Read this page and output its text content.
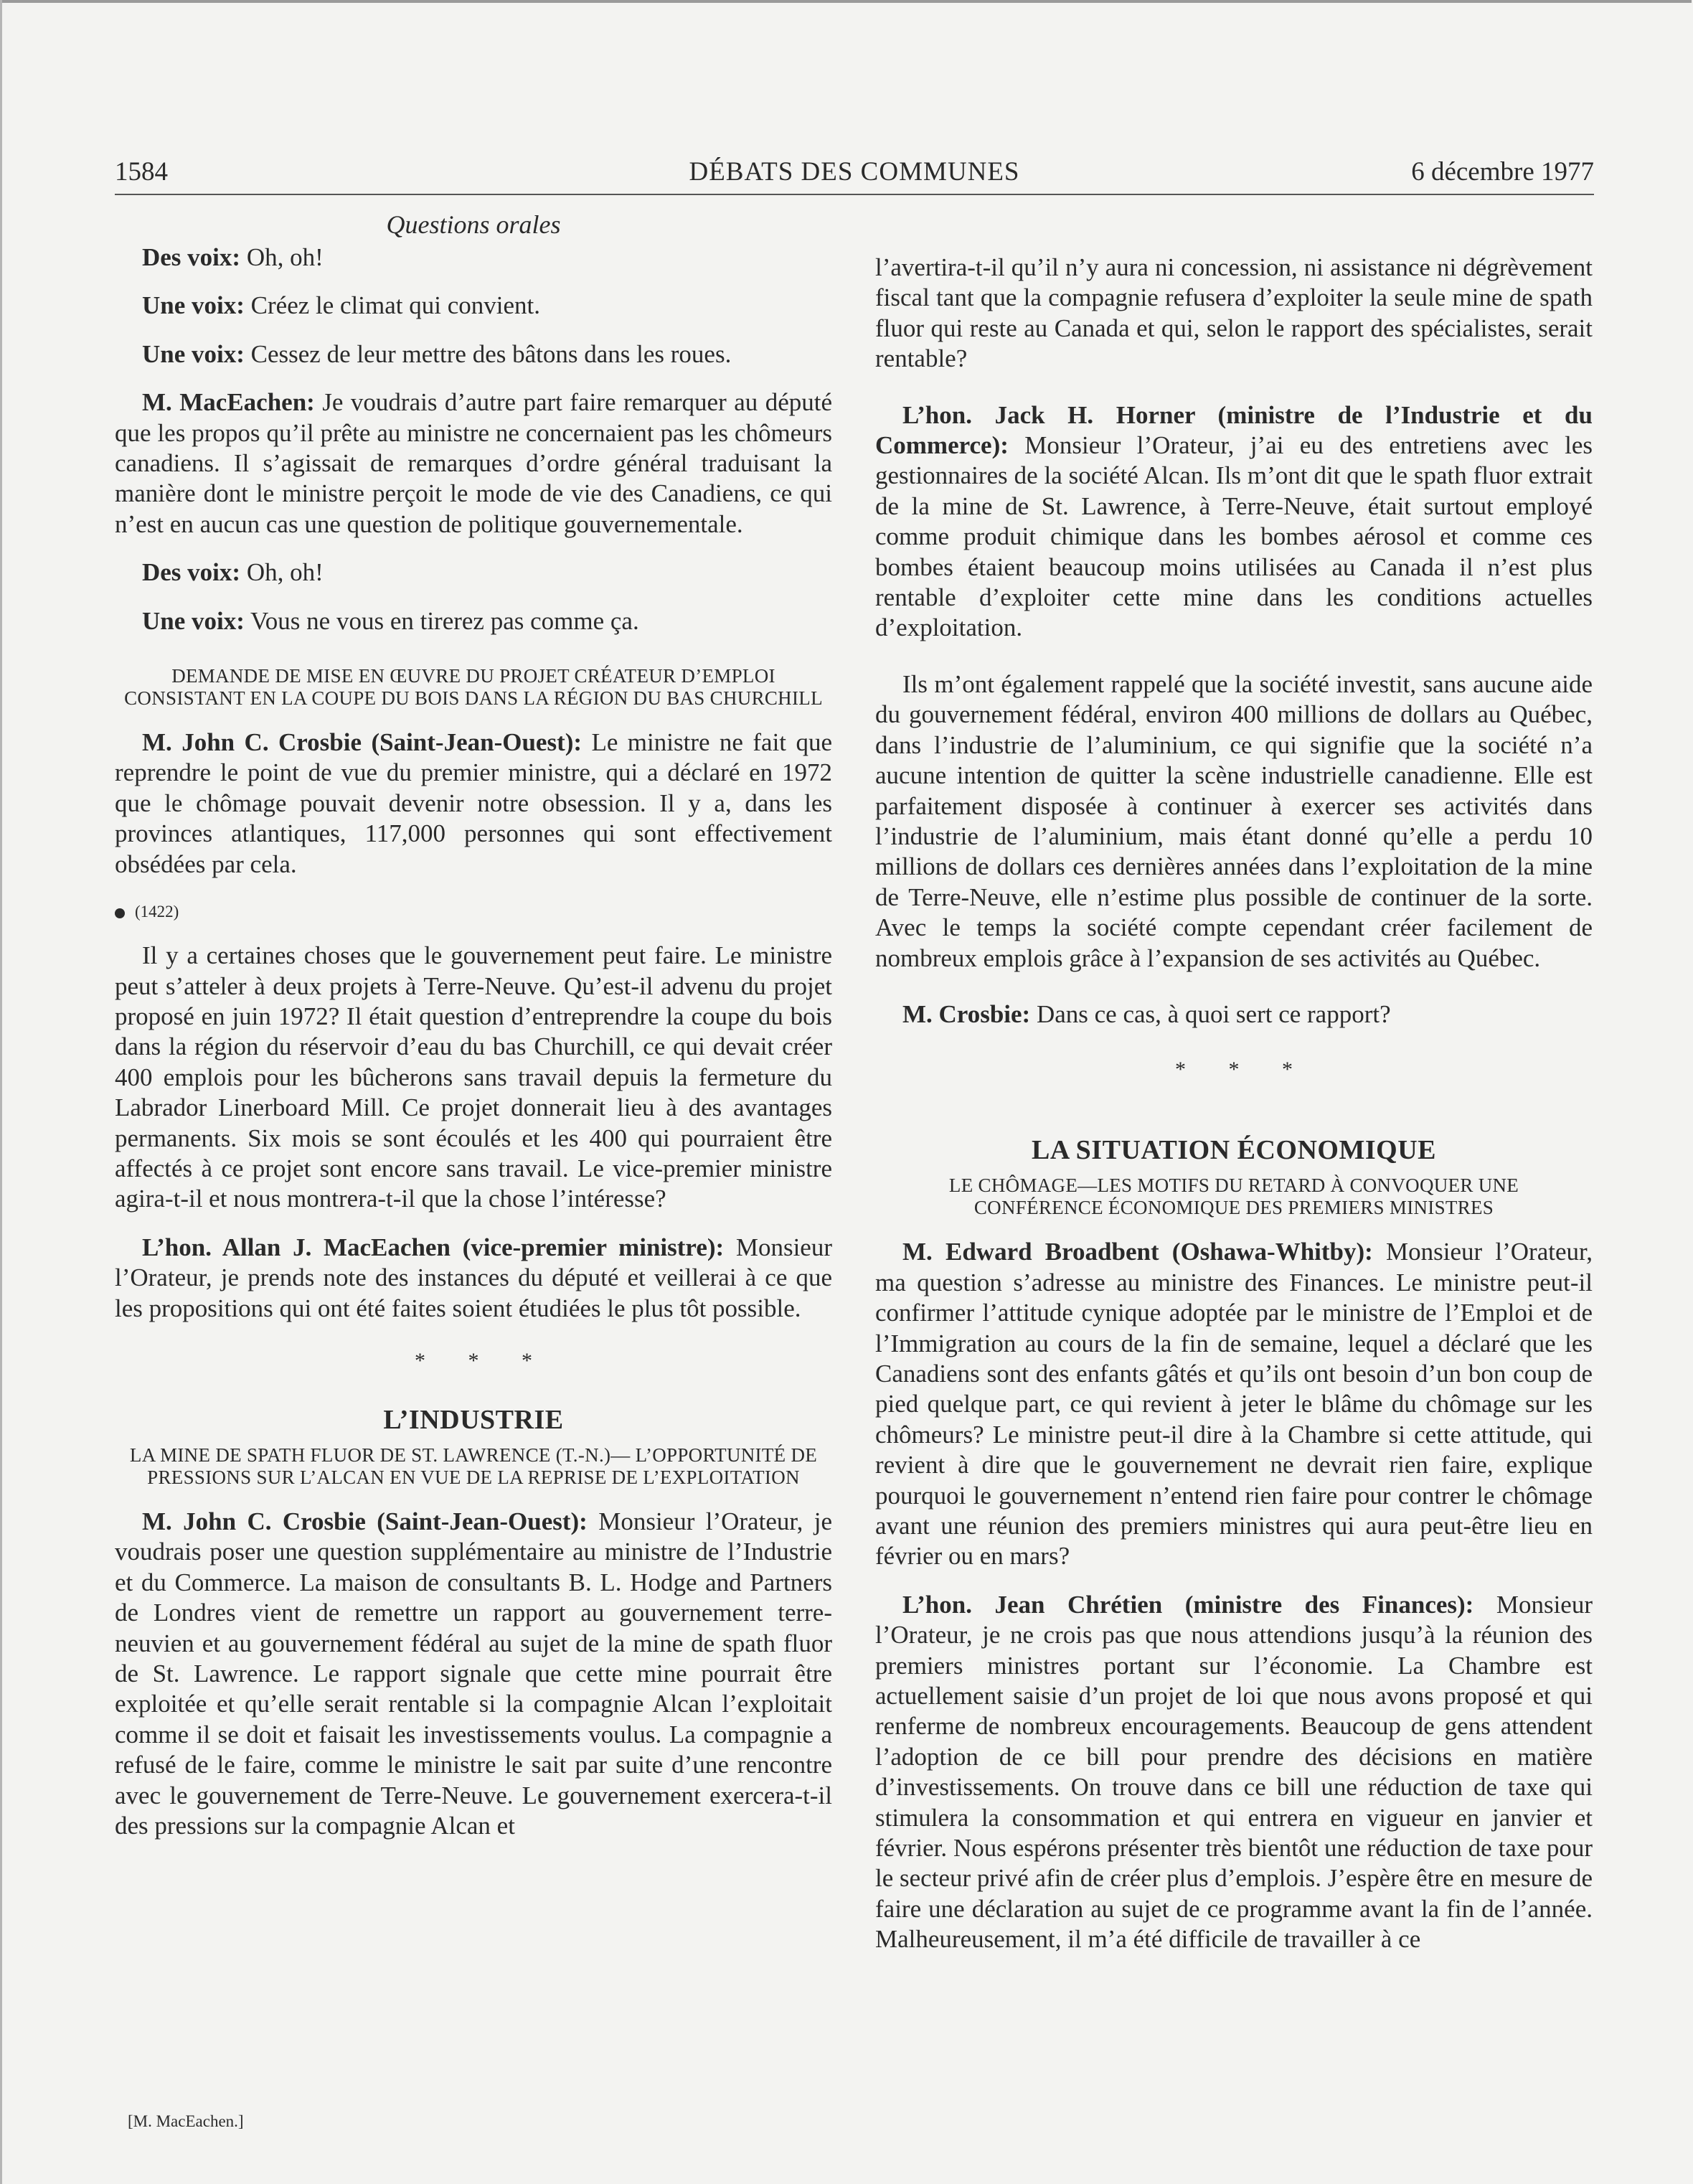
1584	DÉBATS DES COMMUNES	6 décembre 1977
Questions orales

Des voix: Oh, oh!

Une voix: Créez le climat qui convient.

Une voix: Cessez de leur mettre des bâtons dans les roues.

M. MacEachen: Je voudrais d’autre part faire remarquer au député que les propos qu’il prête au ministre ne concernaient pas les chômeurs canadiens. Il s’agissait de remarques d’ordre général traduisant la manière dont le ministre perçoit le mode de vie des Canadiens, ce qui n’est en aucun cas une question de politique gouvernementale.

Des voix: Oh, oh!

Une voix: Vous ne vous en tirerez pas comme ça.

DEMANDE DE MISE EN ŒUVRE DU PROJET CRÉATEUR D’EMPLOI CONSISTANT EN LA COUPE DU BOIS DANS LA RÉGION DU BAS CHURCHILL

M. John C. Crosbie (Saint-Jean-Ouest): Le ministre ne fait que reprendre le point de vue du premier ministre, qui a déclaré en 1972 que le chômage pouvait devenir notre obsession. Il y a, dans les provinces atlantiques, 117,000 personnes qui sont effectivement obsédées par cela.

(1422)

Il y a certaines choses que le gouvernement peut faire. Le ministre peut s’atteler à deux projets à Terre-Neuve. Qu’est-il advenu du projet proposé en juin 1972? Il était question d’entreprendre la coupe du bois dans la région du réservoir d’eau du bas Churchill, ce qui devait créer 400 emplois pour les bûcherons sans travail depuis la fermeture du Labrador Linerboard Mill. Ce projet donnerait lieu à des avantages permanents. Six mois se sont écoulés et les 400 qui pourraient être affectés à ce projet sont encore sans travail. Le vice-premier ministre agira-t-il et nous montrera-t-il que la chose l’intéresse?

L’hon. Allan J. MacEachen (vice-premier ministre): Monsieur l’Orateur, je prends note des instances du député et veillerai à ce que les propositions qui ont été faites soient étudiées le plus tôt possible.

* * *
L’INDUSTRIE
LA MINE DE SPATH FLUOR DE ST. LAWRENCE (T.-N.)— L’OPPORTUNITÉ DE PRESSIONS SUR L’ALCAN EN VUE DE LA REPRISE DE L’EXPLOITATION

M. John C. Crosbie (Saint-Jean-Ouest): Monsieur l’Orateur, je voudrais poser une question supplémentaire au ministre de l’Industrie et du Commerce. La maison de consultants B. L. Hodge and Partners de Londres vient de remettre un rapport au gouvernement terre-neuvien et au gouvernement fédéral au sujet de la mine de spath fluor de St. Lawrence. Le rapport signale que cette mine pourrait être exploitée et qu’elle serait rentable si la compagnie Alcan l’exploitait comme il se doit et faisait les investissements voulus. La compagnie a refusé de le faire, comme le ministre le sait par suite d’une rencontre avec le gouvernement de Terre-Neuve. Le gouvernement exercera-t-il des pressions sur la compagnie Alcan et

l’avertira-t-il qu’il n’y aura ni concession, ni assistance ni dégrèvement fiscal tant que la compagnie refusera d’exploiter la seule mine de spath fluor qui reste au Canada et qui, selon le rapport des spécialistes, serait rentable?

L’hon. Jack H. Horner (ministre de l’Industrie et du Commerce): Monsieur l’Orateur, j’ai eu des entretiens avec les gestionnaires de la société Alcan. Ils m’ont dit que le spath fluor extrait de la mine de St. Lawrence, à Terre-Neuve, était surtout employé comme produit chimique dans les bombes aérosol et comme ces bombes étaient beaucoup moins utilisées au Canada il n’est plus rentable d’exploiter cette mine dans les conditions actuelles d’exploitation.

Ils m’ont également rappelé que la société investit, sans aucune aide du gouvernement fédéral, environ 400 millions de dollars au Québec, dans l’industrie de l’aluminium, ce qui signifie que la société n’a aucune intention de quitter la scène industrielle canadienne. Elle est parfaitement disposée à continuer à exercer ses activités dans l’industrie de l’aluminium, mais étant donné qu’elle a perdu 10 millions de dollars ces dernières années dans l’exploitation de la mine de Terre-Neuve, elle n’estime plus possible de continuer de la sorte. Avec le temps la société compte cependant créer facilement de nombreux emplois grâce à l’expansion de ses activités au Québec.

M. Crosbie: Dans ce cas, à quoi sert ce rapport?

* * *
LA SITUATION ÉCONOMIQUE
LE CHÔMAGE—LES MOTIFS DU RETARD À CONVOQUER UNE CONFÉRENCE ÉCONOMIQUE DES PREMIERS MINISTRES

M. Edward Broadbent (Oshawa-Whitby): Monsieur l’Orateur, ma question s’adresse au ministre des Finances. Le ministre peut-il confirmer l’attitude cynique adoptée par le ministre de l’Emploi et de l’Immigration au cours de la fin de semaine, lequel a déclaré que les Canadiens sont des enfants gâtés et qu’ils ont besoin d’un bon coup de pied quelque part, ce qui revient à jeter le blâme du chômage sur les chômeurs? Le ministre peut-il dire à la Chambre si cette attitude, qui revient à dire que le gouvernement ne devrait rien faire, explique pourquoi le gouvernement n’entend rien faire pour contrer le chômage avant une réunion des premiers ministres qui aura peut-être lieu en février ou en mars?

L’hon. Jean Chrétien (ministre des Finances): Monsieur l’Orateur, je ne crois pas que nous attendions jusqu’à la réunion des premiers ministres portant sur l’économie. La Chambre est actuellement saisie d’un projet de loi que nous avons proposé et qui renferme de nombreux encouragements. Beaucoup de gens attendent l’adoption de ce bill pour prendre des décisions en matière d’investissements. On trouve dans ce bill une réduction de taxe qui stimulera la consommation et qui entrera en vigueur en janvier et février. Nous espérons présenter très bientôt une réduction de taxe pour le secteur privé afin de créer plus d’emplois. J’espère être en mesure de faire une déclaration au sujet de ce programme avant la fin de l’année. Malheureusement, il m’a été difficile de travailler à ce

[M. MacEachen.]
